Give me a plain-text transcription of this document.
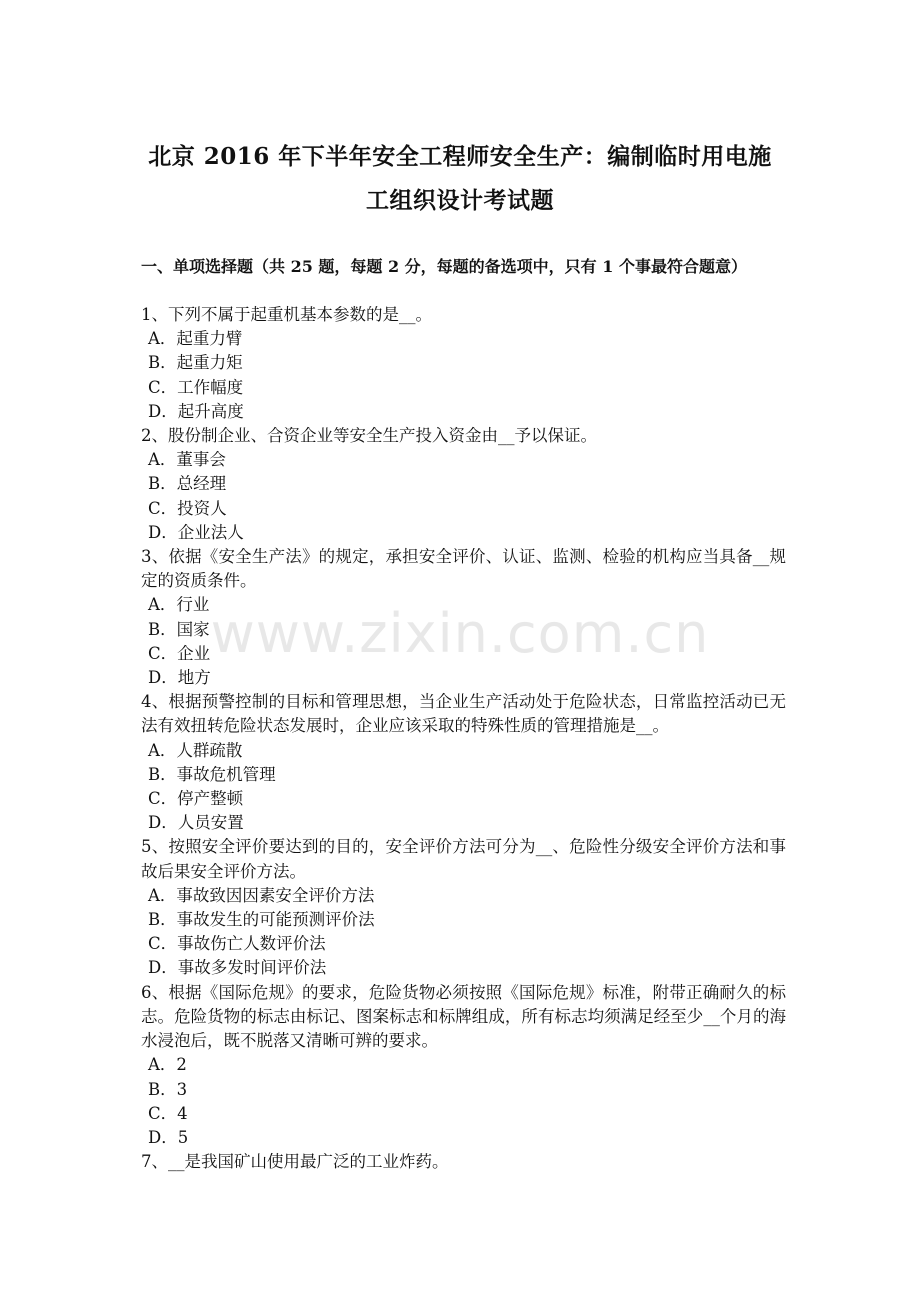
北京 2016 年下半年安全工程师安全生产：编制临时用电施
工组织设计考试题
一、单项选择题（共 25 题，每题 2 分，每题的备选项中，只有 1 个事最符合题意）
1、下列不属于起重机基本参数的是__。
A．起重力臂
B．起重力矩
C．工作幅度
D．起升高度
2、股份制企业、合资企业等安全生产投入资金由__予以保证。
A．董事会
B．总经理
C．投资人
D．企业法人
3、依据《安全生产法》的规定，承担安全评价、认证、监测、检验的机构应当具备__规定的资质条件。
A．行业
B．国家
C．企业
D．地方
4、根据预警控制的目标和管理思想，当企业生产活动处于危险状态，日常监控活动已无法有效扭转危险状态发展时，企业应该采取的特殊性质的管理措施是__。
A．人群疏散
B．事故危机管理
C．停产整顿
D．人员安置
5、按照安全评价要达到的目的，安全评价方法可分为__、危险性分级安全评价方法和事故后果安全评价方法。
A．事故致因因素安全评价方法
B．事故发生的可能预测评价法
C．事故伤亡人数评价法
D．事故多发时间评价法
6、根据《国际危规》的要求，危险货物必须按照《国际危规》标准，附带正确耐久的标志。危险货物的标志由标记、图案标志和标牌组成，所有标志均须满足经至少__个月的海水浸泡后，既不脱落又清晰可辨的要求。
A．2
B．3
C．4
D．5
7、__是我国矿山使用最广泛的工业炸药。
www.zixin.com.cn
